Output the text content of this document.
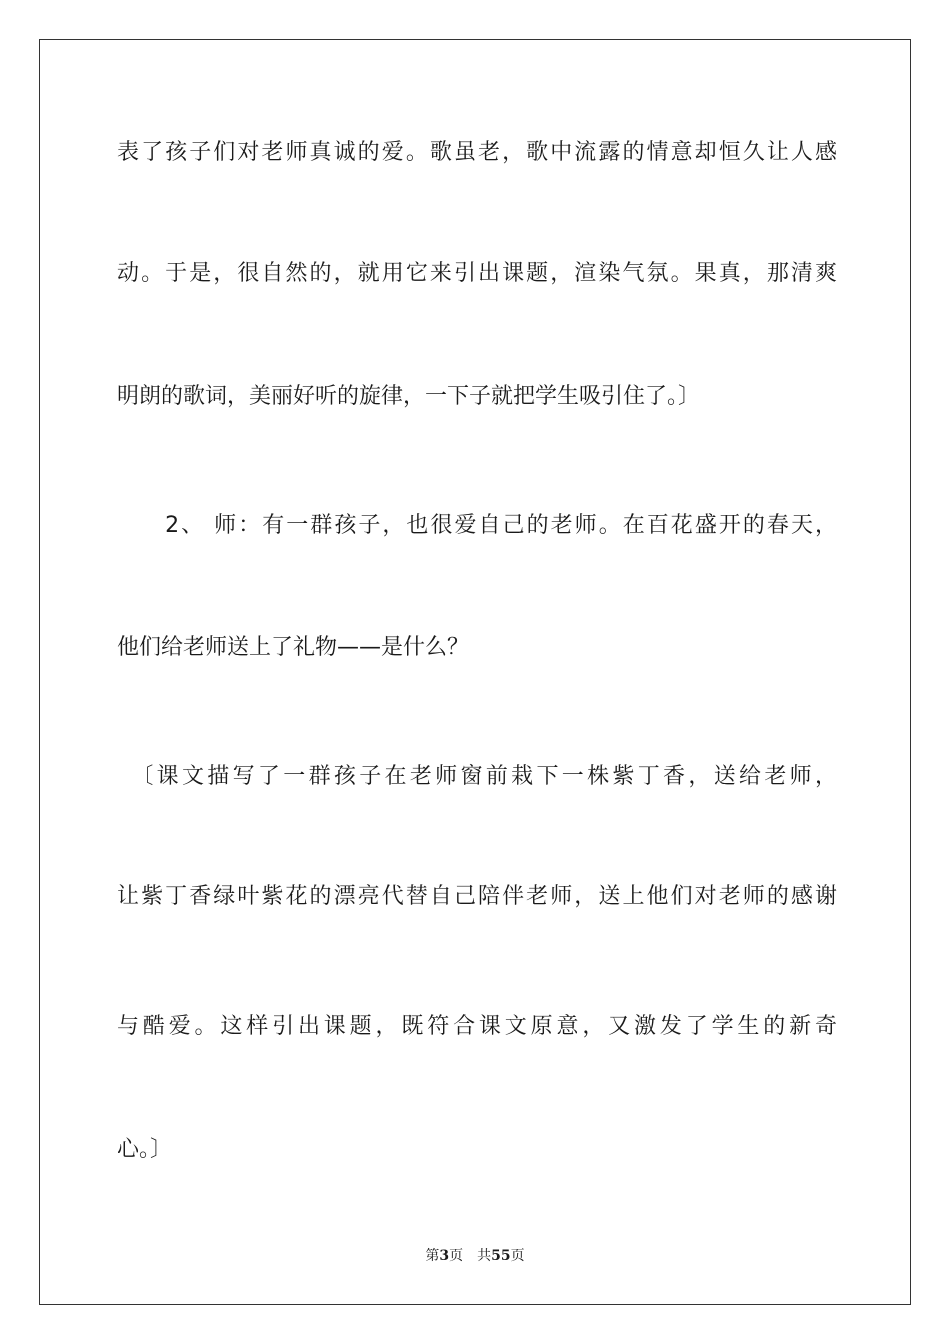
表了孩子们对老师真诚的爱。歌虽老，歌中流露的情意却恒久让人感
动。于是，很自然的，就用它来引出课题，渲染气氛。果真，那清爽
明朗的歌词，美丽好听的旋律，一下子就把学生吸引住了。〕
　　2、 师：有一群孩子，也很爱自己的老师。在百花盛开的春天，
他们给老师送上了礼物——是什么？
　〔课文描写了一群孩子在老师窗前栽下一株紫丁香，送给老师，
让紫丁香绿叶紫花的漂亮代替自己陪伴老师，送上他们对老师的感谢
与酷爱。这样引出课题，既符合课文原意，又激发了学生的新奇
心。〕
第3页 共55页
